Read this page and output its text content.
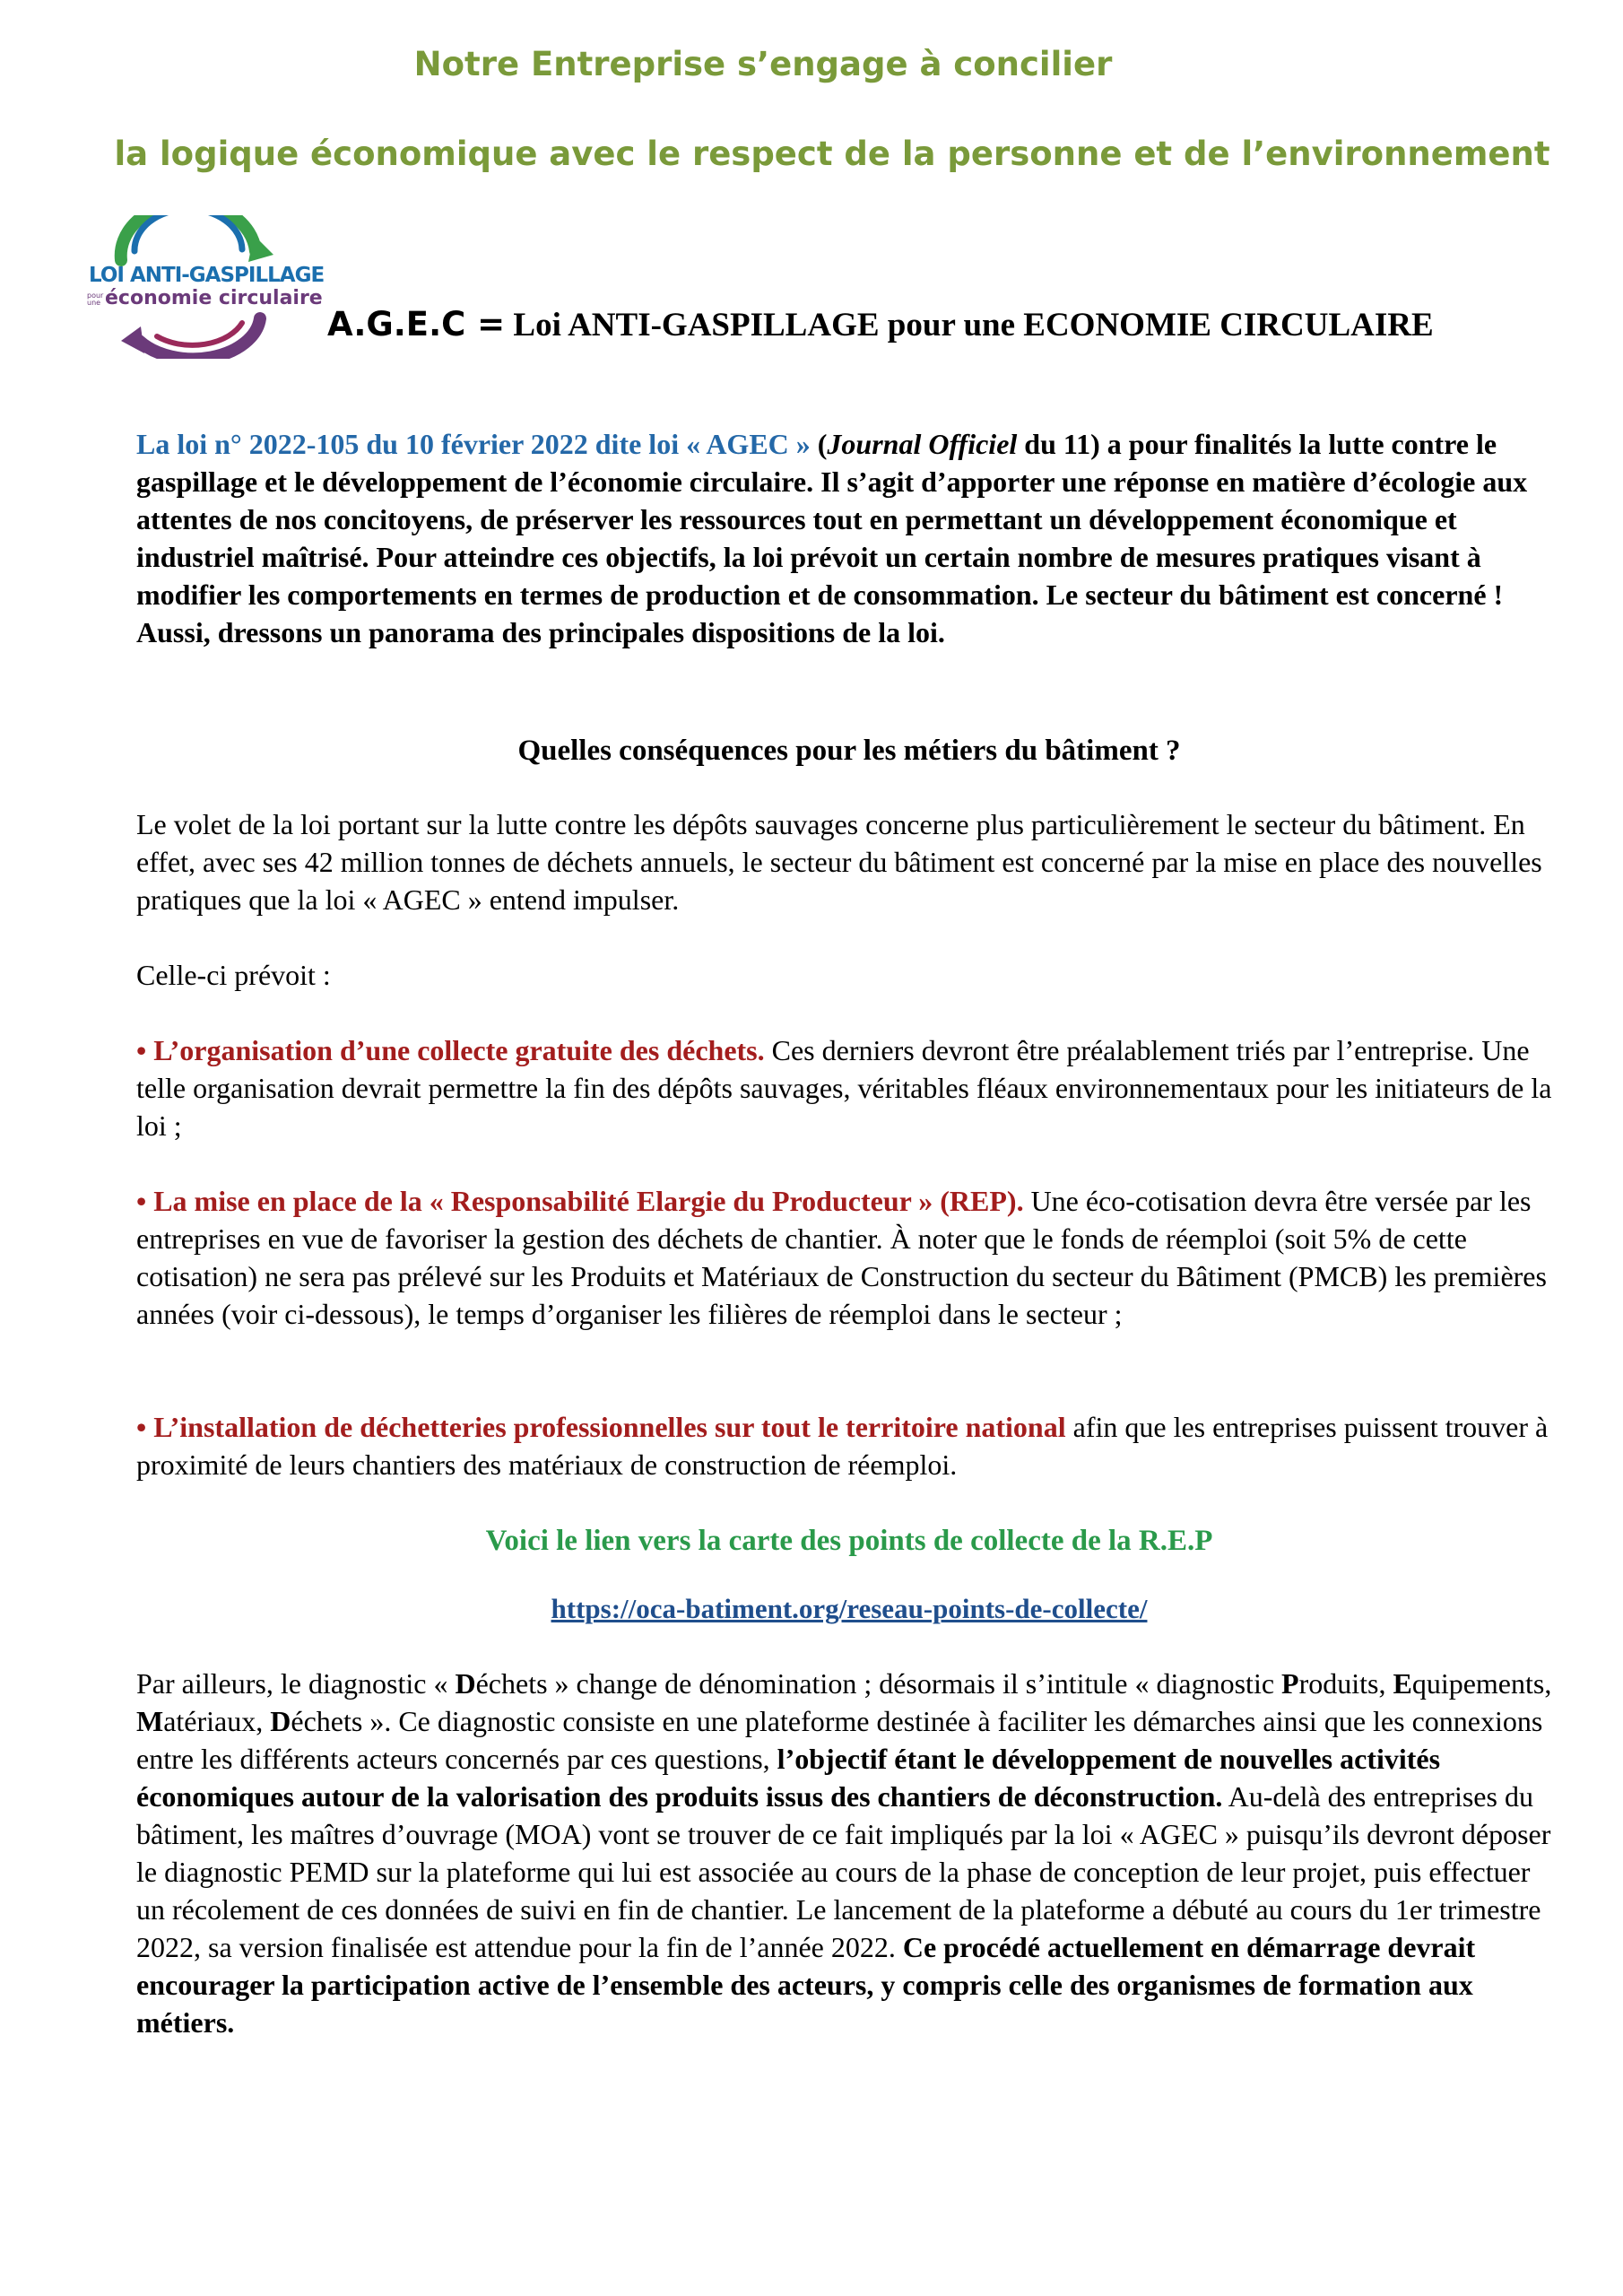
Notre Entreprise s’engage à concilier
la logique économique avec le respect de la personne et de l’environnement
LOI ANTI-GASPILLAGE
pour une économie circulaire
A.G.E.C = Loi ANTI-GASPILLAGE pour une ECONOMIE CIRCULAIRE
La loi n° 2022-105 du 10 février 2022 dite loi « AGEC » (Journal Officiel du 11) a pour finalités la lutte contre le gaspillage et le développement de l’économie circulaire. Il s’agit d’apporter une réponse en matière d’écologie aux attentes de nos concitoyens, de préserver les ressources tout en permettant un développement économique et industriel maîtrisé. Pour atteindre ces objectifs, la loi prévoit un certain nombre de mesures pratiques visant à modifier les comportements en termes de production et de consommation. Le secteur du bâtiment est concerné ! Aussi, dressons un panorama des principales dispositions de la loi.
Quelles conséquences pour les métiers du bâtiment ?
Le volet de la loi portant sur la lutte contre les dépôts sauvages concerne plus particulièrement le secteur du bâtiment. En effet, avec ses 42 million tonnes de déchets annuels, le secteur du bâtiment est concerné par la mise en place des nouvelles pratiques que la loi « AGEC » entend impulser.
Celle-ci prévoit :
• L’organisation d’une collecte gratuite des déchets. Ces derniers devront être préalablement triés par l’entreprise. Une telle organisation devrait permettre la fin des dépôts sauvages, véritables fléaux environnementaux pour les initiateurs de la loi ;
• La mise en place de la « Responsabilité Elargie du Producteur » (REP). Une éco-cotisation devra être versée par les entreprises en vue de favoriser la gestion des déchets de chantier. À noter que le fonds de réemploi (soit 5% de cette cotisation) ne sera pas prélevé sur les Produits et Matériaux de Construction du secteur du Bâtiment (PMCB) les premières années (voir ci-dessous), le temps d’organiser les filières de réemploi dans le secteur ;
• L’installation de déchetteries professionnelles sur tout le territoire national afin que les entreprises puissent trouver à proximité de leurs chantiers des matériaux de construction de réemploi.
Voici le lien vers la carte des points de collecte de la R.E.P
https://oca-batiment.org/reseau-points-de-collecte/
Par ailleurs, le diagnostic « Déchets » change de dénomination ; désormais il s’intitule « diagnostic Produits, Equipements, Matériaux, Déchets ». Ce diagnostic consiste en une plateforme destinée à faciliter les démarches ainsi que les connexions entre les différents acteurs concernés par ces questions, l’objectif étant le développement de nouvelles activités économiques autour de la valorisation des produits issus des chantiers de déconstruction. Au-delà des entreprises du bâtiment, les maîtres d’ouvrage (MOA) vont se trouver de ce fait impliqués par la loi « AGEC » puisqu’ils devront déposer le diagnostic PEMD sur la plateforme qui lui est associée au cours de la phase de conception de leur projet, puis effectuer un récolement de ces données de suivi en fin de chantier. Le lancement de la plateforme a débuté au cours du 1er trimestre 2022, sa version finalisée est attendue pour la fin de l’année 2022. Ce procédé actuellement en démarrage devrait encourager la participation active de l’ensemble des acteurs, y compris celle des organismes de formation aux métiers.
